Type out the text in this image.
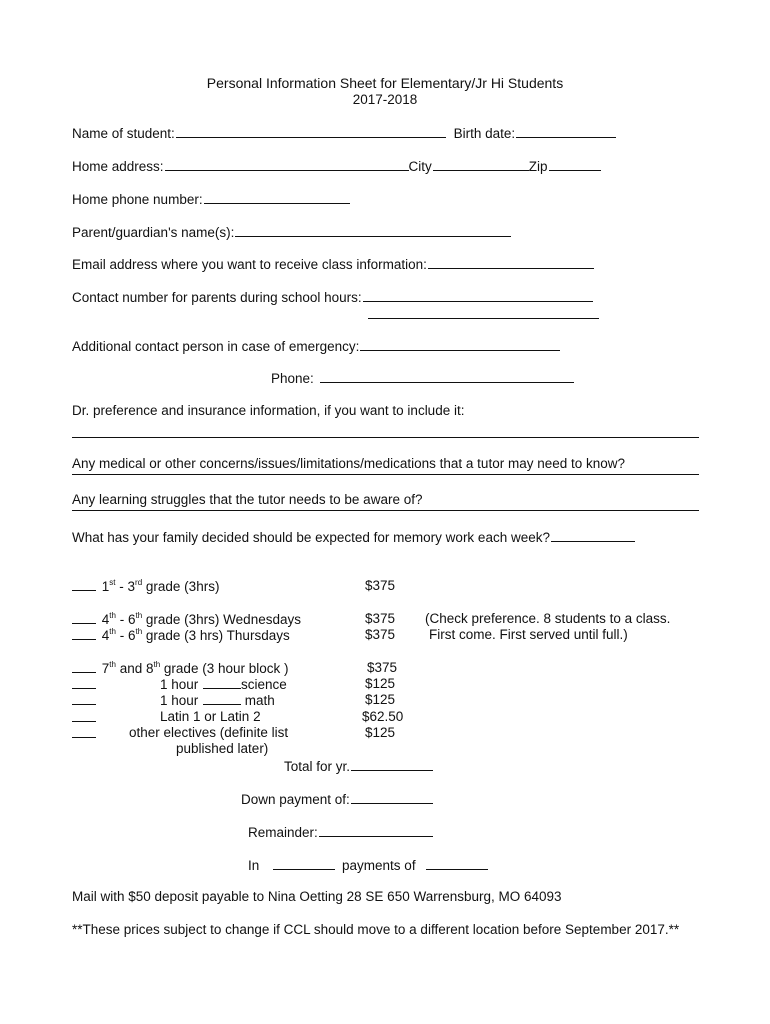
Personal Information Sheet for Elementary/Jr Hi Students
2017-2018
Name of student:	Birth date:
Home address:	City	Zip
Home phone number:
Parent/guardian's name(s):
Email address where you want to receive class information:
Contact number for parents during school hours:
Additional contact person in case of emergency:
Phone:
Dr. preference and insurance information, if you want to include it:
Any medical or other concerns/issues/limitations/medications that a tutor may need to know?
Any learning struggles that the tutor needs to be aware of?
What has your family decided should be expected for memory work each week?
1st - 3rd grade (3hrs)	$375
4th - 6th grade (3hrs) Wednesdays	$375 (Check preference. 8 students to a class.
4th - 6th grade (3 hrs) Thursdays	$375	First come. First served until full.)
7th and 8th grade (3 hour block )	$375
1 hour	science	$125
1 hour	math	$125
Latin 1 or Latin 2	$62.50
other electives (definite list	$125
published later)
Total for yr.
Down payment of:
Remainder:
In	payments of
Mail with $50 deposit payable to Nina Oetting 28 SE 650 Warrensburg, MO 64093
**These prices subject to change if CCL should move to a different location before September 2017.**
